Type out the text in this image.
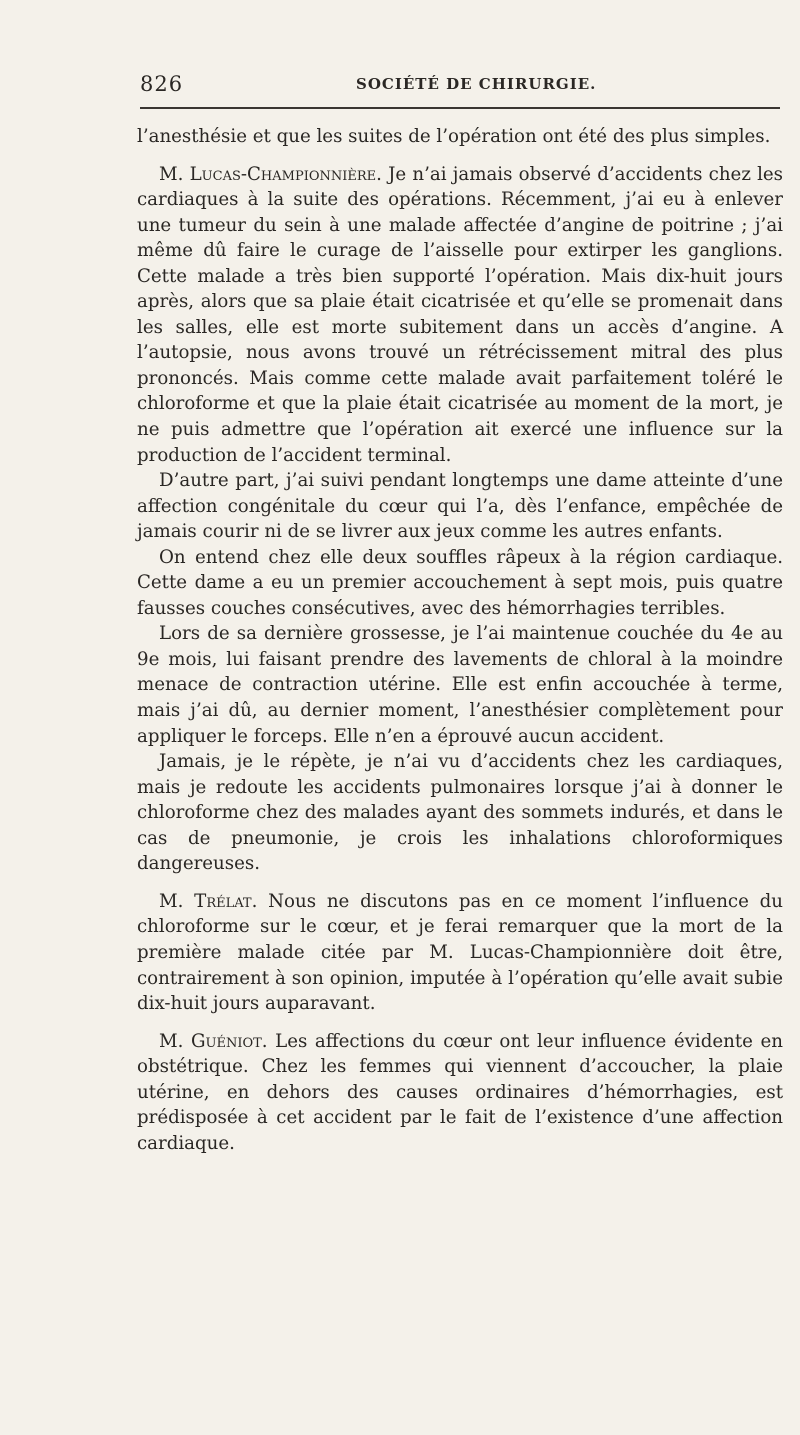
826	SOCIÉTÉ DE CHIRURGIE.

l’anesthésie et que les suites de l’opération ont été des plus simples.

M. Lucas-Championnière. Je n’ai jamais observé d’accidents chez les cardiaques à la suite des opérations. Récemment, j’ai eu à enlever une tumeur du sein à une malade affectée d’angine de poitrine ; j’ai même dû faire le curage de l’aisselle pour extirper les ganglions. Cette malade a très bien supporté l’opération. Mais dix-huit jours après, alors que sa plaie était cicatrisée et qu’elle se promenait dans les salles, elle est morte subitement dans un accès d’angine. A l’autopsie, nous avons trouvé un rétrécissement mitral des plus prononcés. Mais comme cette malade avait parfaitement toléré le chloroforme et que la plaie était cicatrisée au moment de la mort, je ne puis admettre que l’opération ait exercé une influence sur la production de l’accident terminal.

D’autre part, j’ai suivi pendant longtemps une dame atteinte d’une affection congénitale du cœur qui l’a, dès l’enfance, empêchée de jamais courir ni de se livrer aux jeux comme les autres enfants.

On entend chez elle deux souffles râpeux à la région cardiaque. Cette dame a eu un premier accouchement à sept mois, puis quatre fausses couches consécutives, avec des hémorrhagies terribles.

Lors de sa dernière grossesse, je l’ai maintenue couchée du 4e au 9e mois, lui faisant prendre des lavements de chloral à la moindre menace de contraction utérine. Elle est enfin accouchée à terme, mais j’ai dû, au dernier moment, l’anesthésier complètement pour appliquer le forceps. Elle n’en a éprouvé aucun accident.

Jamais, je le répète, je n’ai vu d’accidents chez les cardiaques, mais je redoute les accidents pulmonaires lorsque j’ai à donner le chloroforme chez des malades ayant des sommets indurés, et dans le cas de pneumonie, je crois les inhalations chloroformiques dangereuses.

M. Trélat. Nous ne discutons pas en ce moment l’influence du chloroforme sur le cœur, et je ferai remarquer que la mort de la première malade citée par M. Lucas-Championnière doit être, contrairement à son opinion, imputée à l’opération qu’elle avait subie dix-huit jours auparavant.

M. Guéniot. Les affections du cœur ont leur influence évidente en obstétrique. Chez les femmes qui viennent d’accoucher, la plaie utérine, en dehors des causes ordinaires d’hémorrhagies, est prédisposée à cet accident par le fait de l’existence d’une affection cardiaque.
